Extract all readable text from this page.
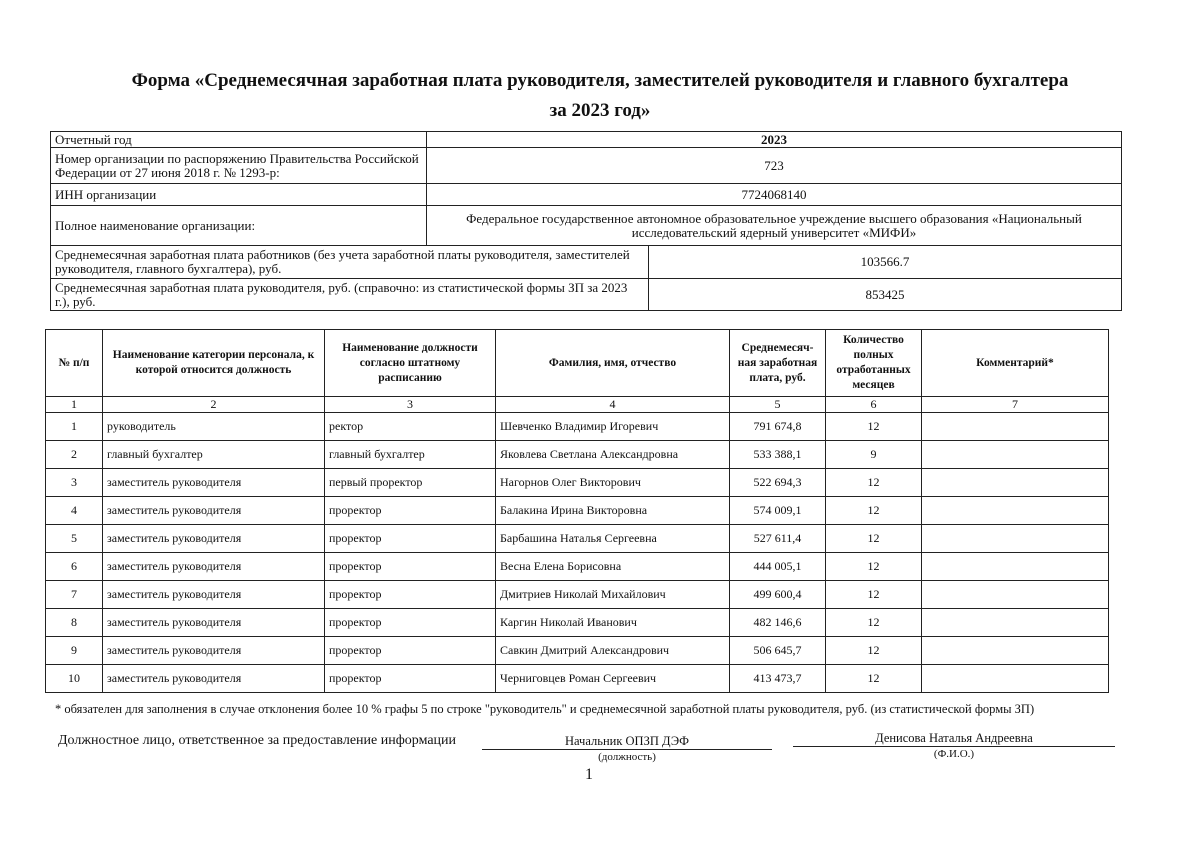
Форма «Среднемесячная заработная плата руководителя, заместителей руководителя и главного бухгалтера
за 2023 год»
Отчетный год	2023	
Номер организации по распоряжению Правительства Российской Федерации от 27 июня 2018 г. № 1293-р:	723	
ИНН организации	7724068140	
Полное наименование организации:	Федеральное государственное автономное образовательное учреждение высшего образования «Национальный исследовательский ядерный университет «МИФИ»	
Среднемесячная заработная плата работников (без учета заработной платы руководителя, заместителей руководителя, главного бухгалтера), руб.		103566.7
Среднемесячная заработная плата руководителя, руб. (справочно: из статистической формы ЗП за 2023 г.), руб.		853425
№ п/п	Наименование категории персонала, к которой относится должность	Наименование должности согласно штатному расписанию	Фамилия, имя, отчество	Среднемесяч-ная заработная плата, руб.	Количество полных отработанных месяцев	Комментарий*
1	2	3	4	5	6	7
1	руководитель	ректор	Шевченко Владимир Игоревич	791 674,8	12	
2	главный бухгалтер	главный бухгалтер	Яковлева Светлана Александровна	533 388,1	9	
3	заместитель руководителя	первый проректор	Нагорнов Олег Викторович	522 694,3	12	
4	заместитель руководителя	проректор	Балакина Ирина Викторовна	574 009,1	12	
5	заместитель руководителя	проректор	Барбашина Наталья Сергеевна	527 611,4	12	
6	заместитель руководителя	проректор	Весна Елена Борисовна	444 005,1	12	
7	заместитель руководителя	проректор	Дмитриев Николай Михайлович	499 600,4	12	
8	заместитель руководителя	проректор	Каргин Николай Иванович	482 146,6	12	
9	заместитель руководителя	проректор	Савкин Дмитрий Александрович	506 645,7	12	
10	заместитель руководителя	проректор	Черниговцев Роман Сергеевич	413 473,7	12	
* обязателен для заполнения в случае отклонения более 10 % графы 5 по строке "руководитель" и среднемесячной заработной платы руководителя, руб. (из статистической формы ЗП)
Должностное лицо, ответственное за предоставление информации	Начальник ОПЗП ДЭФ
(должность)
Денисова Наталья Андреевна
(Ф.И.О.)
1
